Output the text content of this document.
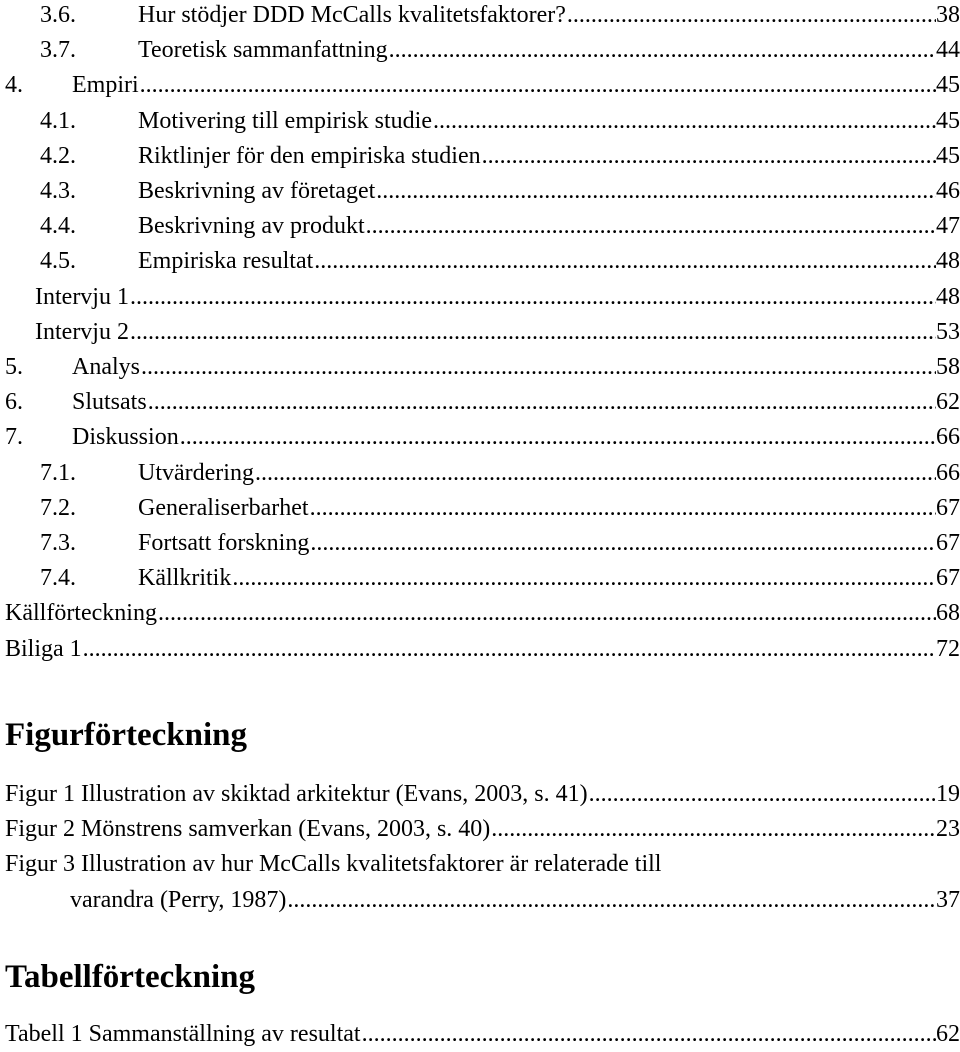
3.6.	Hur stödjer DDD McCalls kvalitetsfaktorer? .....	38
3.7.	Teoretisk sammanfattning .....	44
4. Empiri .....	45
4.1.	Motivering till empirisk studie .....	45
4.2.	Riktlinjer för den empiriska studien .....	45
4.3.	Beskrivning av företaget .....	46
4.4.	Beskrivning av produkt .....	47
4.5.	Empiriska resultat .....	48
Intervju 1 .....	48
Intervju 2 .....	53
5. Analys .....	58
6. Slutsats .....	62
7. Diskussion .....	66
7.1.	Utvärdering .....	66
7.2.	Generaliserbarhet .....	67
7.3.	Fortsatt forskning .....	67
7.4.	Källkritik .....	67
Källförteckning .....	68
Biliga 1 .....	72
Figurförteckning
Figur 1 Illustration av skiktad arkitektur (Evans, 2003, s. 41) .....	19
Figur 2 Mönstrens samverkan (Evans, 2003, s. 40) .....	23
Figur 3 Illustration av hur McCalls kvalitetsfaktorer är relaterade till
varandra (Perry, 1987) .....	37
Tabellförteckning
Tabell 1 Sammanställning av resultat .....	62
